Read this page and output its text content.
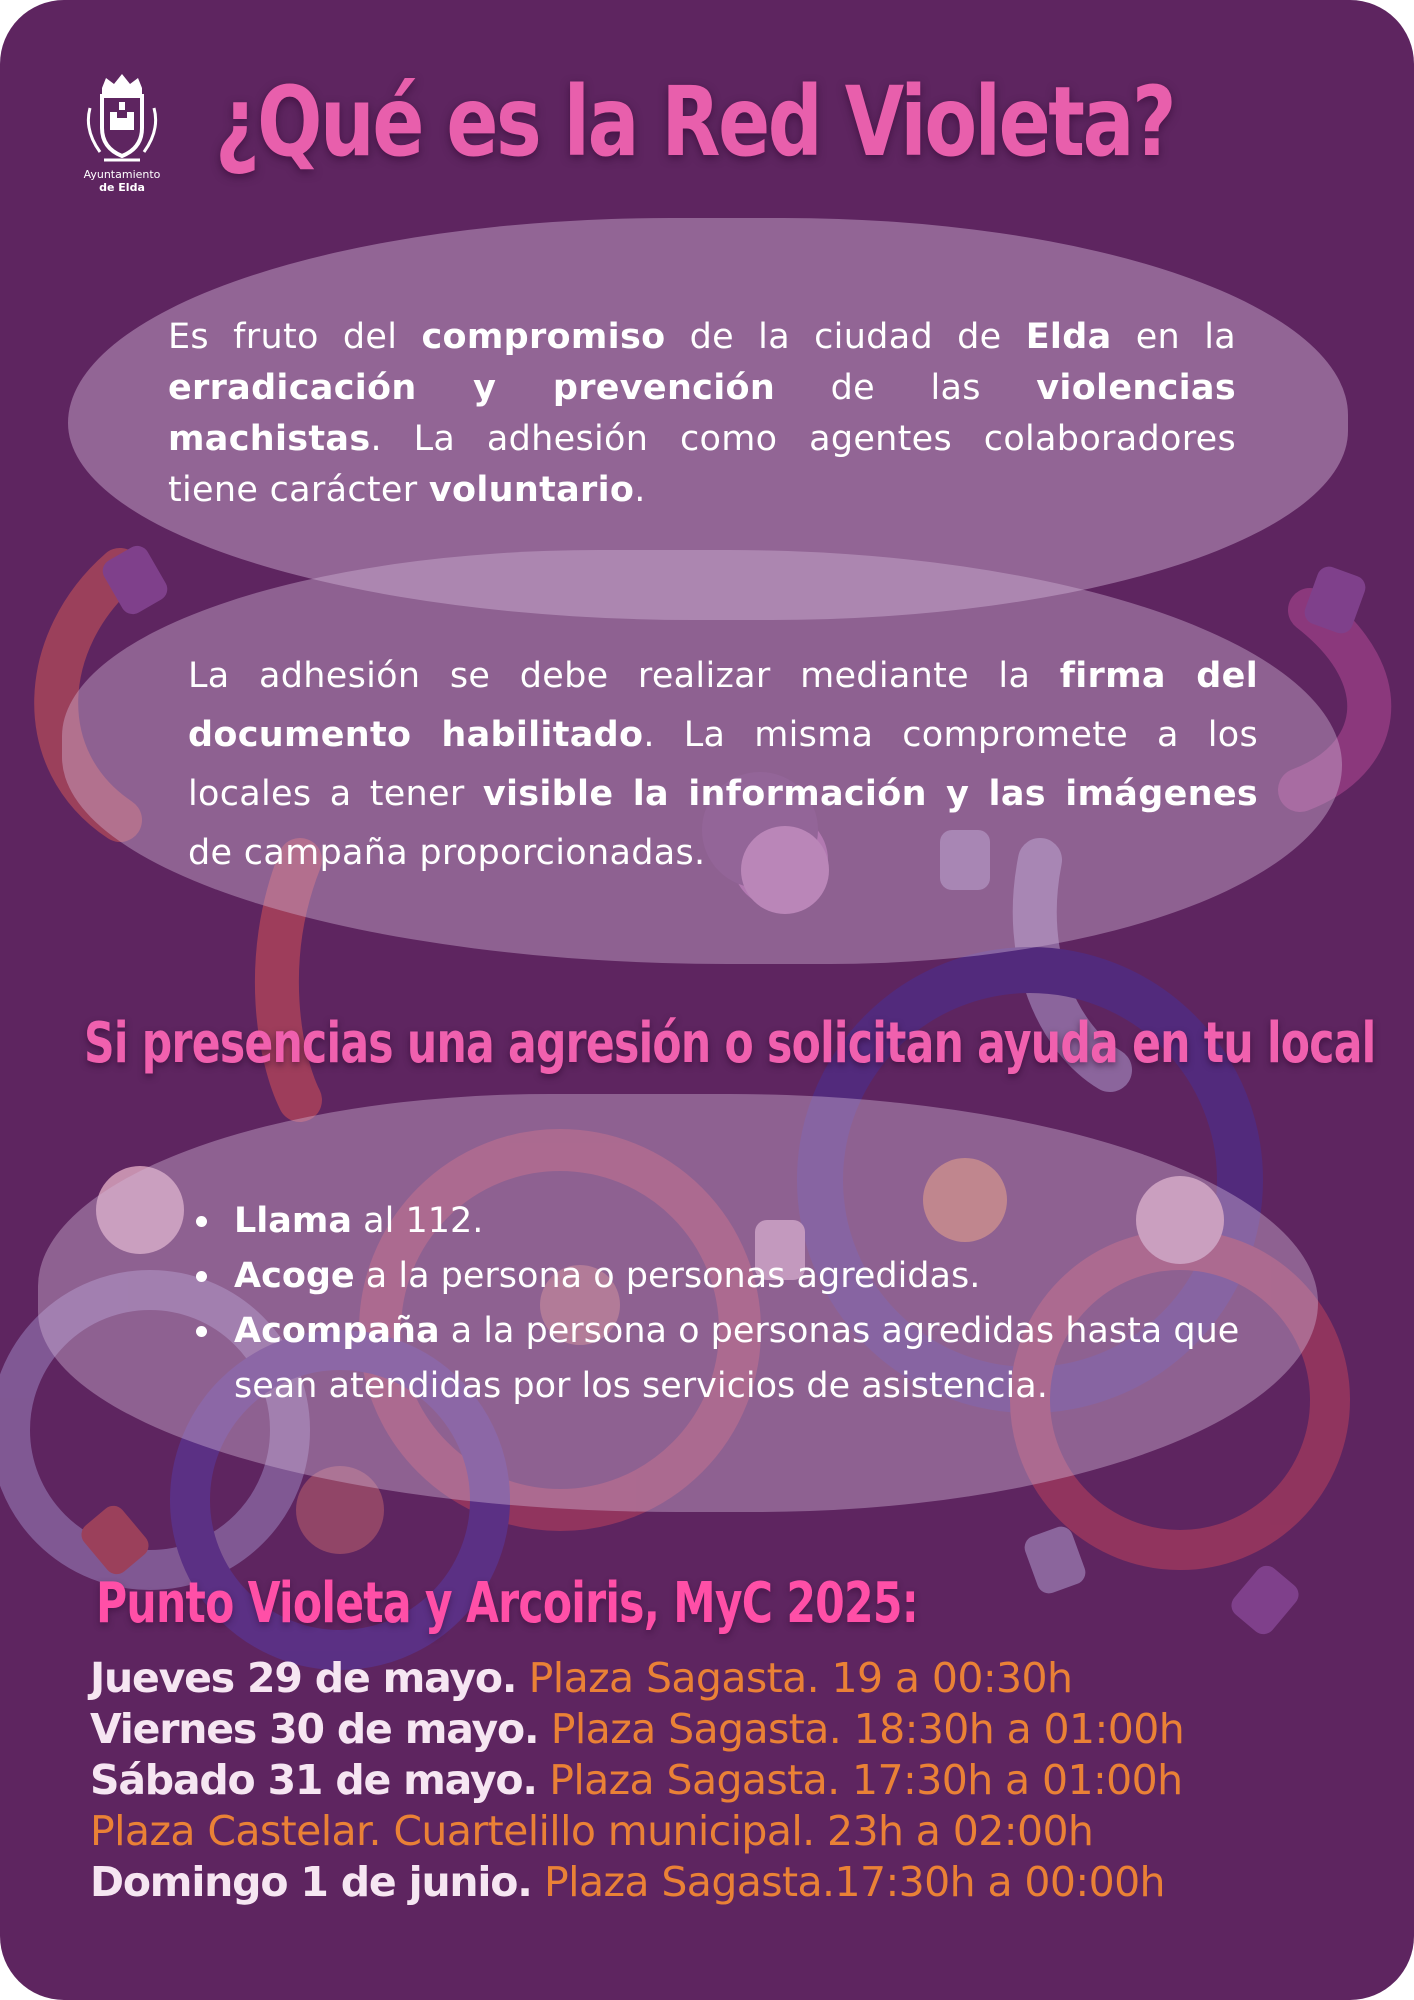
Ayuntamiento
de Elda
¿Qué es la Red Violeta?

Es fruto del compromiso de la ciudad de Elda en la erradicación y prevención de las violencias machistas. La adhesión como agentes colaboradores tiene carácter voluntario.

La adhesión se debe realizar mediante la firma del documento habilitado. La misma compromete a los locales a tener visible la información y las imágenes de campaña proporcionadas.

Si presencias una agresión o solicitan ayuda en tu local
Llama al 112.
Acoge a la persona o personas agredidas.
Acompaña a la persona o personas agredidas hasta que sean atendidas por los servicios de asistencia.
Punto Violeta y Arcoiris, MyC 2025:
Jueves 29 de mayo. Plaza Sagasta. 19 a 00:30h
Viernes 30 de mayo. Plaza Sagasta. 18:30h a 01:00h
Sábado 31 de mayo. Plaza Sagasta. 17:30h a 01:00h
Plaza Castelar. Cuartelillo municipal. 23h a 02:00h
Domingo 1 de junio. Plaza Sagasta.17:30h a 00:00h
